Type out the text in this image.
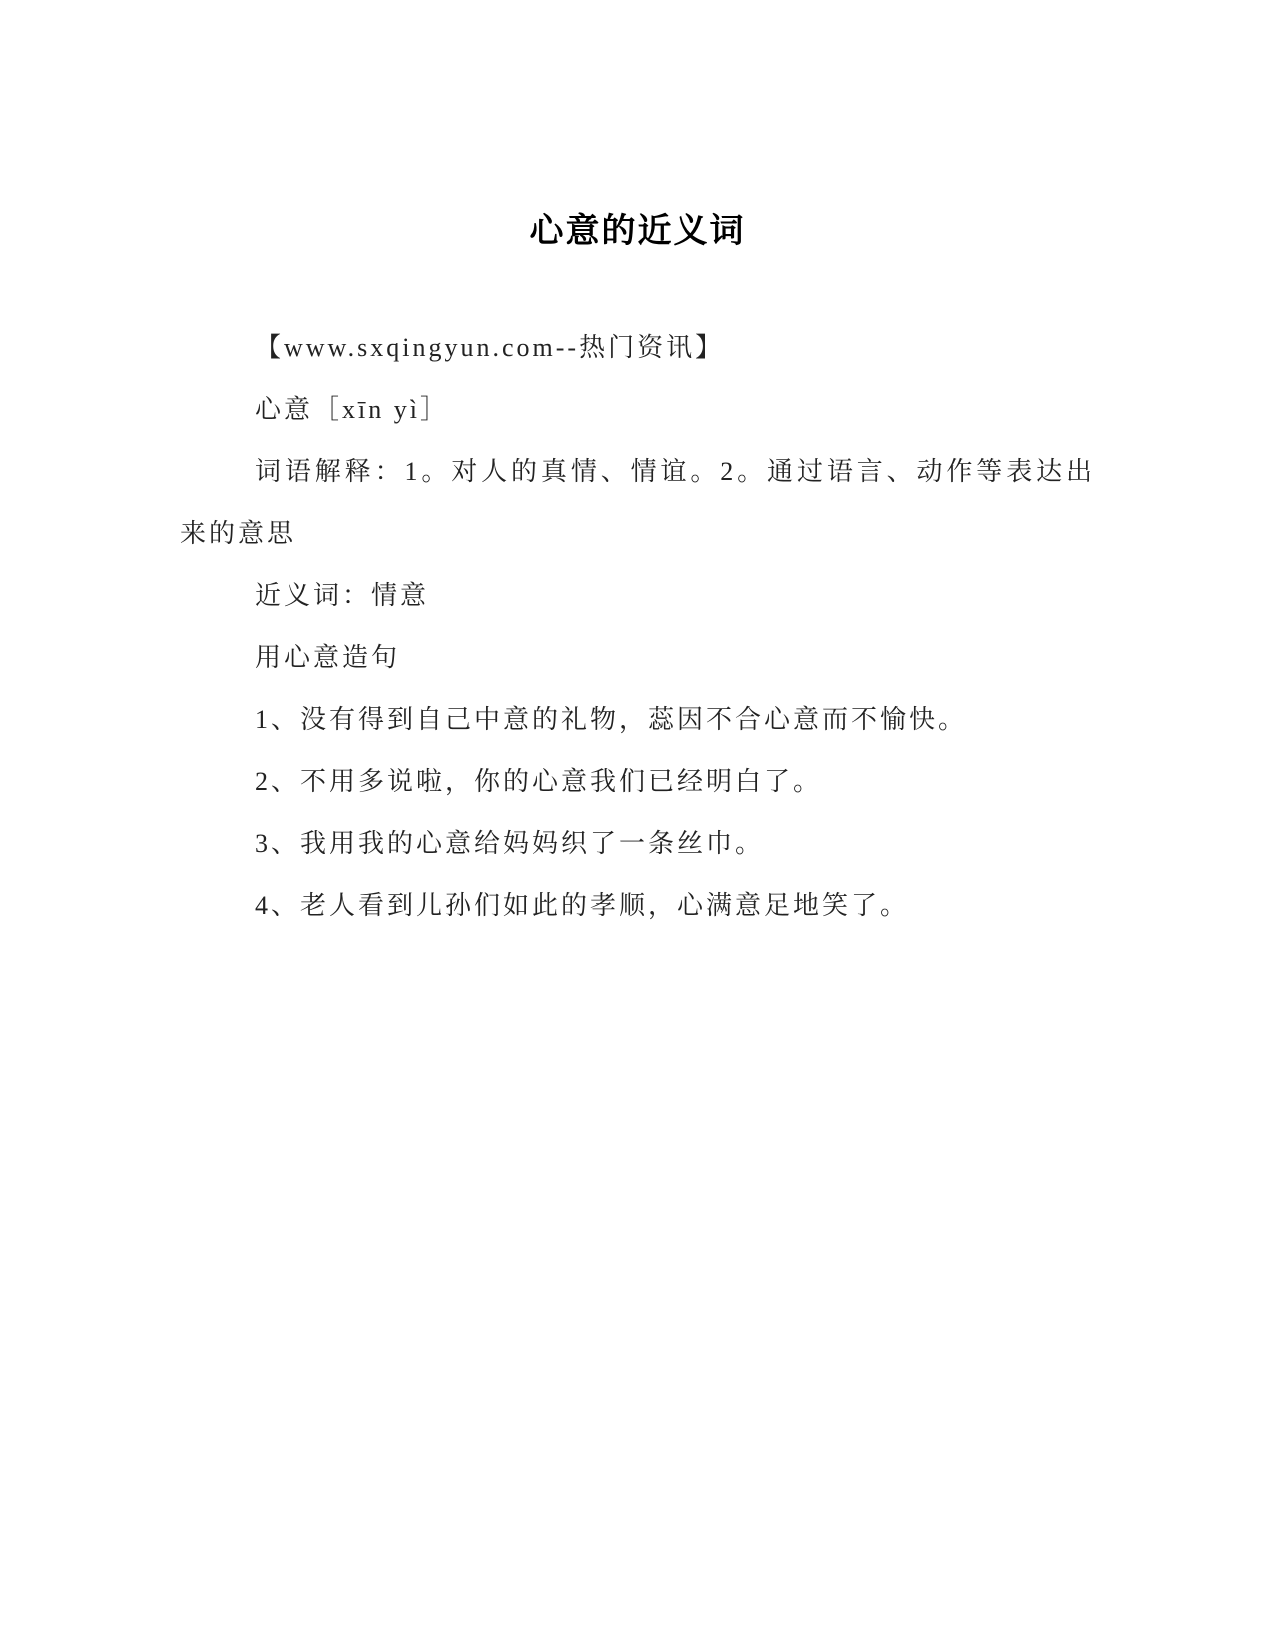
心意的近义词

【www.sxqingyun.com--热门资讯】

心意［xīn yì］

词语解释：1。对人的真情、情谊。2。通过语言、动作等表达出来的意思

近义词：情意

用心意造句

1、没有得到自己中意的礼物，蕊因不合心意而不愉快。

2、不用多说啦，你的心意我们已经明白了。

3、我用我的心意给妈妈织了一条丝巾。

4、老人看到儿孙们如此的孝顺，心满意足地笑了。
